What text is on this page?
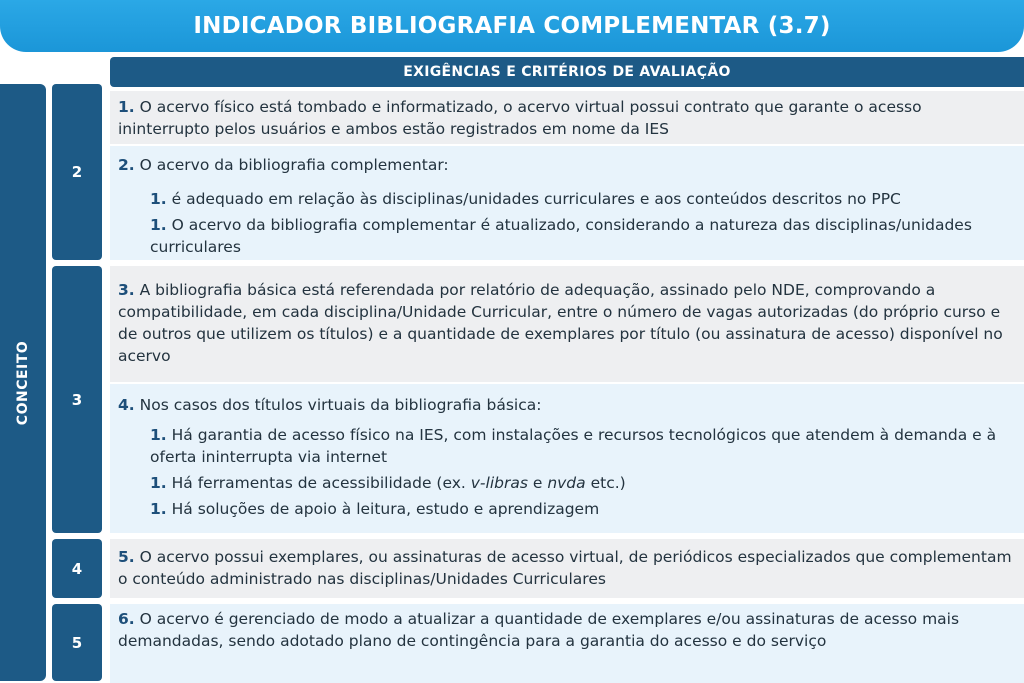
INDICADOR BIBLIOGRAFIA COMPLEMENTAR (3.7)
EXIGÊNCIAS E CRITÉRIOS DE AVALIAÇÃO
CONCEITO
2
3
4
5
1. O acervo físico está tombado e informatizado, o acervo virtual possui contrato que garante o acesso ininterrupto pelos usuários e ambos estão registrados em nome da IES
2. O acervo da bibliografia complementar:
1. é adequado em relação às disciplinas/unidades curriculares e aos conteúdos descritos no PPC
1. O acervo da bibliografia complementar é atualizado, considerando a natureza das disciplinas/unidades curriculares
3. A bibliografia básica está referendada por relatório de adequação, assinado pelo NDE, comprovando a compatibilidade, em cada disciplina/Unidade Curricular, entre o número de vagas autorizadas (do próprio curso e de outros que utilizem os títulos) e a quantidade de exemplares por título (ou assinatura de acesso) disponível no acervo
4. Nos casos dos títulos virtuais da bibliografia básica:
1. Há garantia de acesso físico na IES, com instalações e recursos tecnológicos que atendem à demanda e à oferta ininterrupta via internet
1. Há ferramentas de acessibilidade (ex. v-libras e nvda etc.)
1. Há soluções de apoio à leitura, estudo e aprendizagem
5. O acervo possui exemplares, ou assinaturas de acesso virtual, de periódicos especializados que complementam o conteúdo administrado nas disciplinas/Unidades Curriculares
6. O acervo é gerenciado de modo a atualizar a quantidade de exemplares e/ou assinaturas de acesso mais demandadas, sendo adotado plano de contingência para a garantia do acesso e do serviço
